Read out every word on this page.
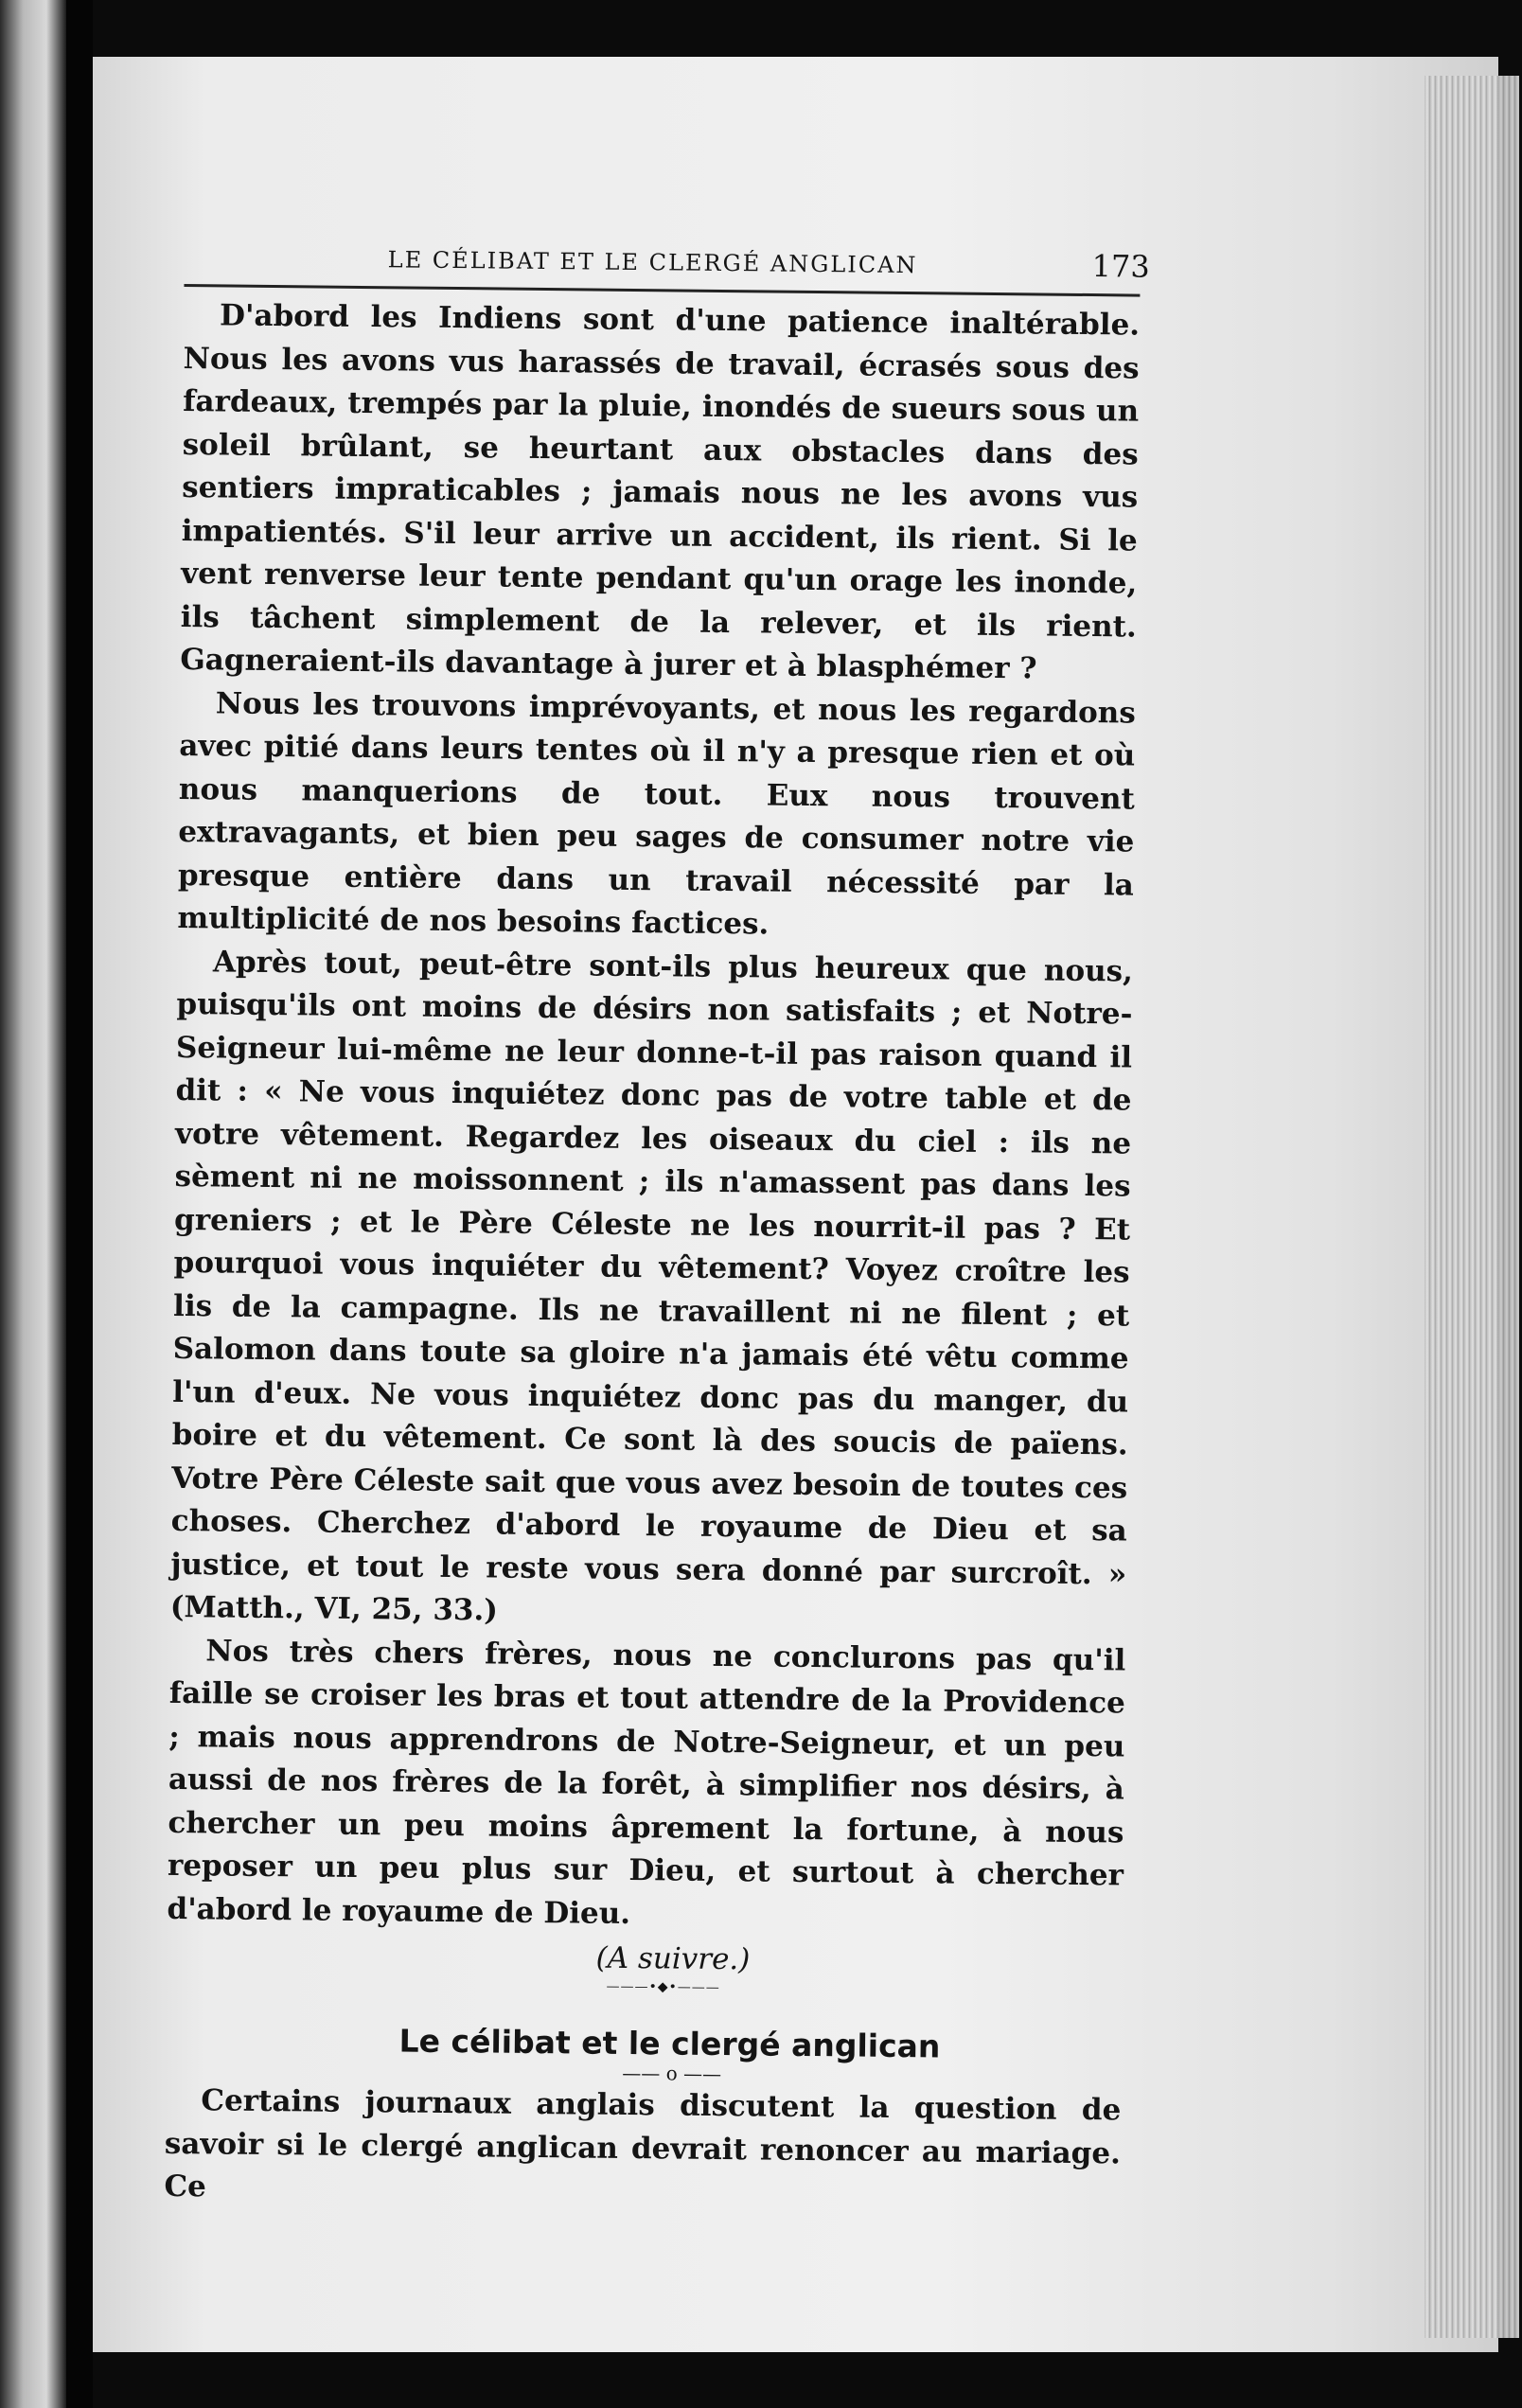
LE CÉLIBAT ET LE CLERGÉ ANGLICAN	173

D'abord les Indiens sont d'une patience inaltérable. Nous les avons vus harassés de travail, écrasés sous des fardeaux, trempés par la pluie, inondés de sueurs sous un soleil brûlant, se heurtant aux obstacles dans des sentiers impraticables ; jamais nous ne les avons vus impatientés. S'il leur arrive un accident, ils rient. Si le vent renverse leur tente pendant qu'un orage les inonde, ils tâchent simplement de la relever, et ils rient. Gagneraient-ils davantage à jurer et à blasphémer ?

Nous les trouvons imprévoyants, et nous les regardons avec pitié dans leurs tentes où il n'y a presque rien et où nous manquerions de tout. Eux nous trouvent extravagants, et bien peu sages de consumer notre vie presque entière dans un travail nécessité par la multiplicité de nos besoins factices.

Après tout, peut-être sont-ils plus heureux que nous, puisqu'ils ont moins de désirs non satisfaits ; et Notre-Seigneur lui-même ne leur donne-t-il pas raison quand il dit : « Ne vous inquiétez donc pas de votre table et de votre vêtement. Regardez les oiseaux du ciel : ils ne sèment ni ne moissonnent ; ils n'amassent pas dans les greniers ; et le Père Céleste ne les nourrit-il pas ? Et pourquoi vous inquiéter du vêtement? Voyez croître les lis de la campagne. Ils ne travaillent ni ne filent ; et Salomon dans toute sa gloire n'a jamais été vêtu comme l'un d'eux. Ne vous inquiétez donc pas du manger, du boire et du vêtement. Ce sont là des soucis de païens. Votre Père Céleste sait que vous avez besoin de toutes ces choses. Cherchez d'abord le royaume de Dieu et sa justice, et tout le reste vous sera donné par surcroît. » (Matth., VI, 25, 33.)

Nos très chers frères, nous ne conclurons pas qu'il faille se croiser les bras et tout attendre de la Providence ; mais nous apprendrons de Notre-Seigneur, et un peu aussi de nos frères de la forêt, à simplifier nos désirs, à chercher un peu moins âprement la fortune, à nous reposer un peu plus sur Dieu, et surtout à chercher d'abord le royaume de Dieu.

(A suivre.)
———•◆•———
Le célibat et le clergé anglican
—— o ——

Certains journaux anglais discutent la question de savoir si le clergé anglican devrait renoncer au mariage. Ce
